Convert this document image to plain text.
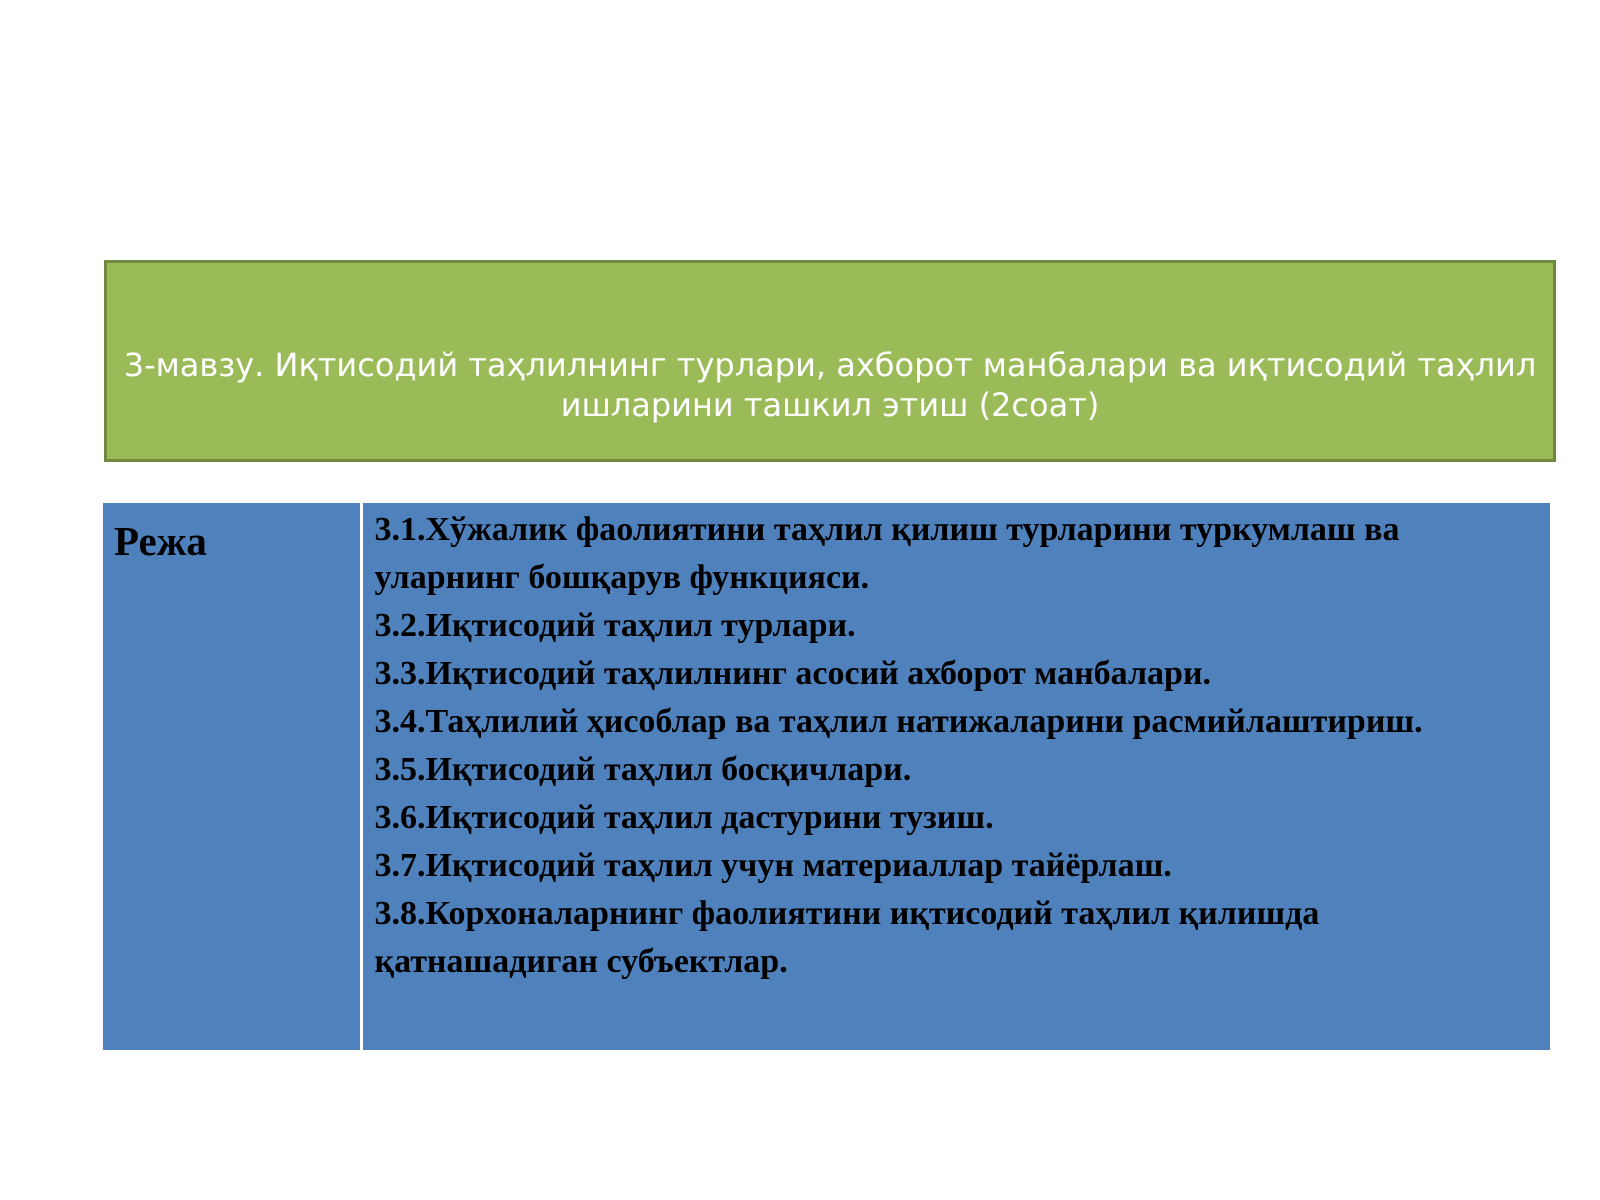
3-мавзу. Иқтисодий таҳлилнинг турлари, ахборот манбалари ва иқтисодий таҳлил ишларини ташкил этиш (2соат)
Режа	3.1.Хўжалик фаолиятини таҳлил қилиш турларини туркумлаш ва уларнинг бошқарув функцияси.
3.2.Иқтисодий таҳлил турлари.
3.3.Иқтисодий таҳлилнинг асосий ахборот манбалари.
3.4.Таҳлилий ҳисоблар ва таҳлил натижаларини расмийлаштириш.
3.5.Иқтисодий таҳлил босқичлари.
3.6.Иқтисодий таҳлил дастурини тузиш.
3.7.Иқтисодий таҳлил учун материаллар тайёрлаш.
3.8.Корхоналарнинг фаолиятини иқтисодий таҳлил қилишда қатнашадиган субъектлар.
